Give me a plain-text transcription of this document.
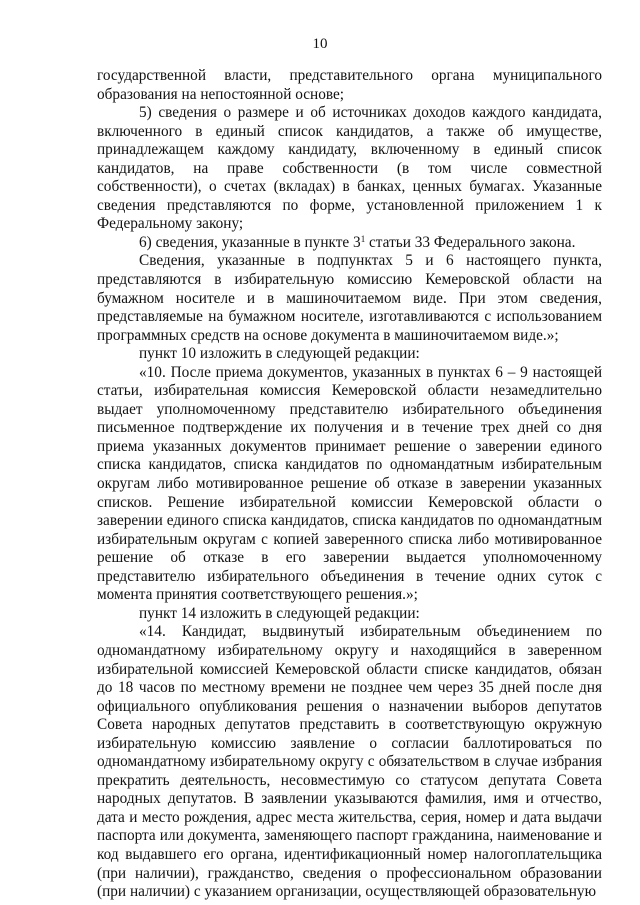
10

государственной власти, представительного органа муниципального образования на непостоянной основе;

5) сведения о размере и об источниках доходов каждого кандидата, включенного в единый список кандидатов, а также об имуществе, принадлежащем каждому кандидату, включенному в единый список кандидатов, на праве собственности (в том числе совместной собственности), о счетах (вкладах) в банках, ценных бумагах. Указанные сведения представляются по форме, установленной приложением 1 к Федеральному закону;

6) сведения, указанные в пункте $3^1$ статьи 33 Федерального закона.

Сведения, указанные в подпунктах 5 и 6 настоящего пункта, представляются в избирательную комиссию Кемеровской области на бумажном носителе и в машиночитаемом виде. При этом сведения, представляемые на бумажном носителе, изготавливаются с использованием программных средств на основе документа в машиночитаемом виде.»;

пункт 10 изложить в следующей редакции:

«10. После приема документов, указанных в пунктах 6 – 9 настоящей статьи, избирательная комиссия Кемеровской области незамедлительно выдает уполномоченному представителю избирательного объединения письменное подтверждение их получения и в течение трех дней со дня приема указанных документов принимает решение о заверении единого списка кандидатов, списка кандидатов по одномандатным избирательным округам либо мотивированное решение об отказе в заверении указанных списков. Решение избирательной комиссии Кемеровской области о заверении единого списка кандидатов, списка кандидатов по одномандатным избирательным округам с копией заверенного списка либо мотивированное решение об отказе в его заверении выдается уполномоченному представителю избирательного объединения в течение одних суток с момента принятия соответствующего решения.»;

пункт 14 изложить в следующей редакции:

«14. Кандидат, выдвинутый избирательным объединением по одномандатному избирательному округу и находящийся в заверенном избирательной комиссией Кемеровской области списке кандидатов, обязан до 18 часов по местному времени не позднее чем через 35 дней после дня официального опубликования решения о назначении выборов депутатов Совета народных депутатов представить в соответствующую окружную избирательную комиссию заявление о согласии баллотироваться по одномандатному избирательному округу с обязательством в случае избрания прекратить деятельность, несовместимую со статусом депутата Совета народных депутатов. В заявлении указываются фамилия, имя и отчество, дата и место рождения, адрес места жительства, серия, номер и дата выдачи паспорта или документа, заменяющего паспорт гражданина, наименование и код выдавшего его органа, идентификационный номер налогоплательщика (при наличии), гражданство, сведения о профессиональном образовании (при наличии) с указанием организации, осуществляющей образовательную
